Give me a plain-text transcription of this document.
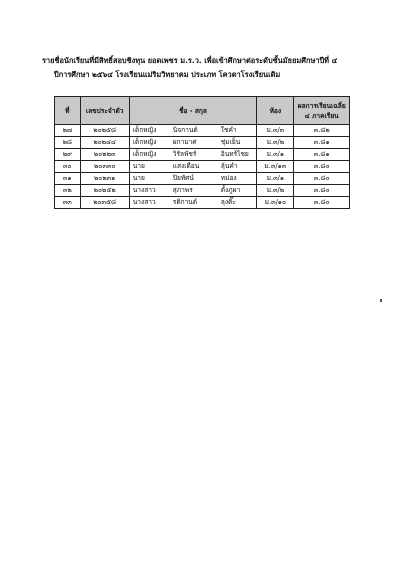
รายชื่อนักเรียนที่มีสิทธิ์สอบชิงทุน ยอดเพชร ม.ร.ว. เพื่อเข้าศึกษาต่อระดับชั้นมัธยมศึกษาปีที่ ๔
ปีการศึกษา ๒๕๖๔ โรงเรียนแม่ริมวิทยาคม ประเภท โควตาโรงเรียนเดิม
ที่	เลขประจำตัว	ชื่อ - สกุล	ห้อง	ผลการเรียนเฉลี่ย
๔ ภาคเรียน
๒๗	๒๐๒๕๘	เด็กหญิง นิจกานต์ ใชคำ	ม.๓/๓	๓.๘๒
๒๘	๒๐๒๔๔	เด็กหญิง ผกามาศ ชุ่มเย็น	ม.๓/๒	๓.๘๑
๒๙	๒๐๒๒๓	เด็กหญิง วิรัลพัชร์ อินทร์ไชย	ม.๓/๑	๓.๘๑
๓๐	๒๐๓๓๐	นาย แสงเตือน ลุ้นคำ	ม.๓/๑๓	๓.๘๐
๓๑	๒๐๒๓๑	นาย ปิยทัศน์ หม่อง	ม.๓/๑	๓.๘๐
๓๒	๒๐๒๕๒	นางสาว สุภาพร ตั้งภูผา	ม.๓/๒	๓.๘๐
๓๓	๒๐๓๕๘	นางสาว รติกานต์ ลุงคิ๊ะ	ม.๓/๑๐	๓.๘๐
